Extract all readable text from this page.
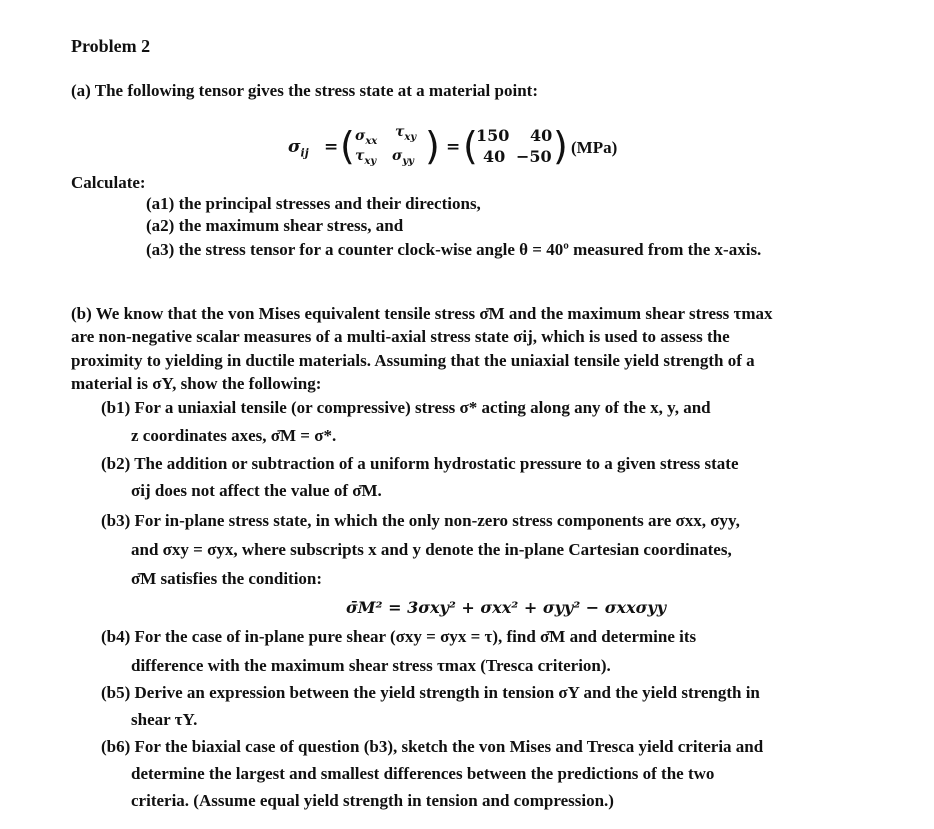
Problem 2
(a) The following tensor gives the stress state at a material point:
$\sigma_{ij}$ = ( $\sigma_{xx}$
$\tau_{xy}$
$\tau_{xy}$ $\sigma_{yy}$ ) = (
150 40
40 −50 ) (MPa)
Calculate:
(a1) the principal stresses and their directions,
(a2) the maximum shear stress, and
(a3) the stress tensor for a counter clock-wise angle θ = 40º measured from the x-axis.
(b) We know that the von Mises equivalent tensile stress σ̄M and the maximum shear stress τmax
are non-negative scalar measures of a multi-axial stress state σij, which is used to assess the
proximity to yielding in ductile materials. Assuming that the uniaxial tensile yield strength of a
material is σY, show the following:
(b1) For a uniaxial tensile (or compressive) stress σ* acting along any of the x, y, and
z coordinates axes, σ̄M = σ*.
(b2) The addition or subtraction of a uniform hydrostatic pressure to a given stress state
σij does not affect the value of σ̄M.
(b3) For in-plane stress state, in which the only non-zero stress components are σxx, σyy,
and σxy = σyx, where subscripts x and y denote the in-plane Cartesian coordinates,
σ̄M satisfies the condition:
σ̄M² = 3σxy² + σxx² + σyy² − σxxσyy
(b4) For the case of in-plane pure shear (σxy = σyx = τ), find σ̄M and determine its
difference with the maximum shear stress τmax (Tresca criterion).
(b5) Derive an expression between the yield strength in tension σY and the yield strength in
shear τY.
(b6) For the biaxial case of question (b3), sketch the von Mises and Tresca yield criteria and
determine the largest and smallest differences between the predictions of the two
criteria. (Assume equal yield strength in tension and compression.)
